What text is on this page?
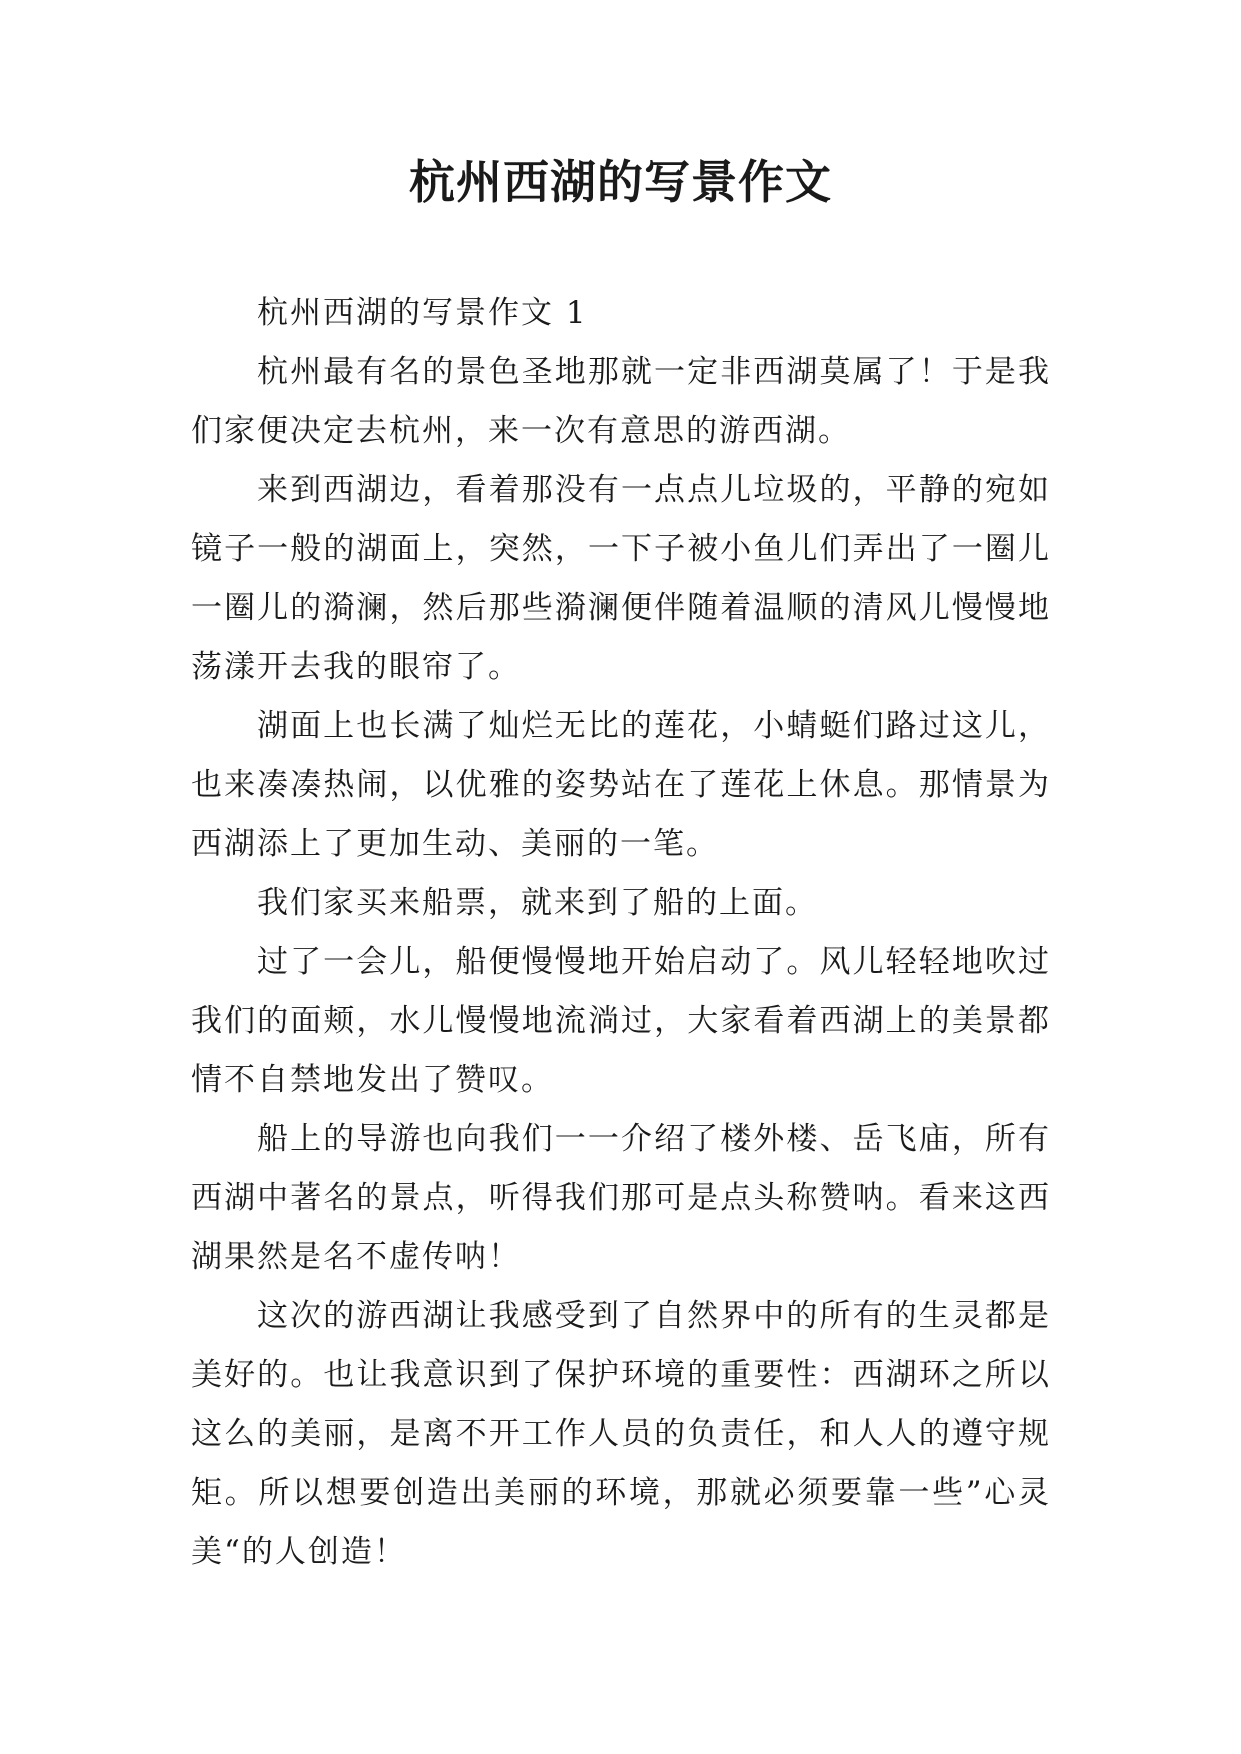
杭州西湖的写景作文

杭州西湖的写景作文 1

杭州最有名的景色圣地那就一定非西湖莫属了！于是我们家便决定去杭州，来一次有意思的游西湖。

来到西湖边，看着那没有一点点儿垃圾的，平静的宛如镜子一般的湖面上，突然，一下子被小鱼儿们弄出了一圈儿一圈儿的漪澜，然后那些漪澜便伴随着温顺的清风儿慢慢地荡漾开去我的眼帘了。

湖面上也长满了灿烂无比的莲花，小蜻蜓们路过这儿，也来凑凑热闹，以优雅的姿势站在了莲花上休息。那情景为西湖添上了更加生动、美丽的一笔。

我们家买来船票，就来到了船的上面。

过了一会儿，船便慢慢地开始启动了。风儿轻轻地吹过我们的面颊，水儿慢慢地流淌过，大家看着西湖上的美景都情不自禁地发出了赞叹。

船上的导游也向我们一一介绍了楼外楼、岳飞庙，所有西湖中著名的景点，听得我们那可是点头称赞呐。看来这西湖果然是名不虚传呐！

这次的游西湖让我感受到了自然界中的所有的生灵都是美好的。也让我意识到了保护环境的重要性：西湖环之所以这么的美丽，是离不开工作人员的负责任，和人人的遵守规矩。所以想要创造出美丽的环境，那就必须要靠一些”心灵美“的人创造！
